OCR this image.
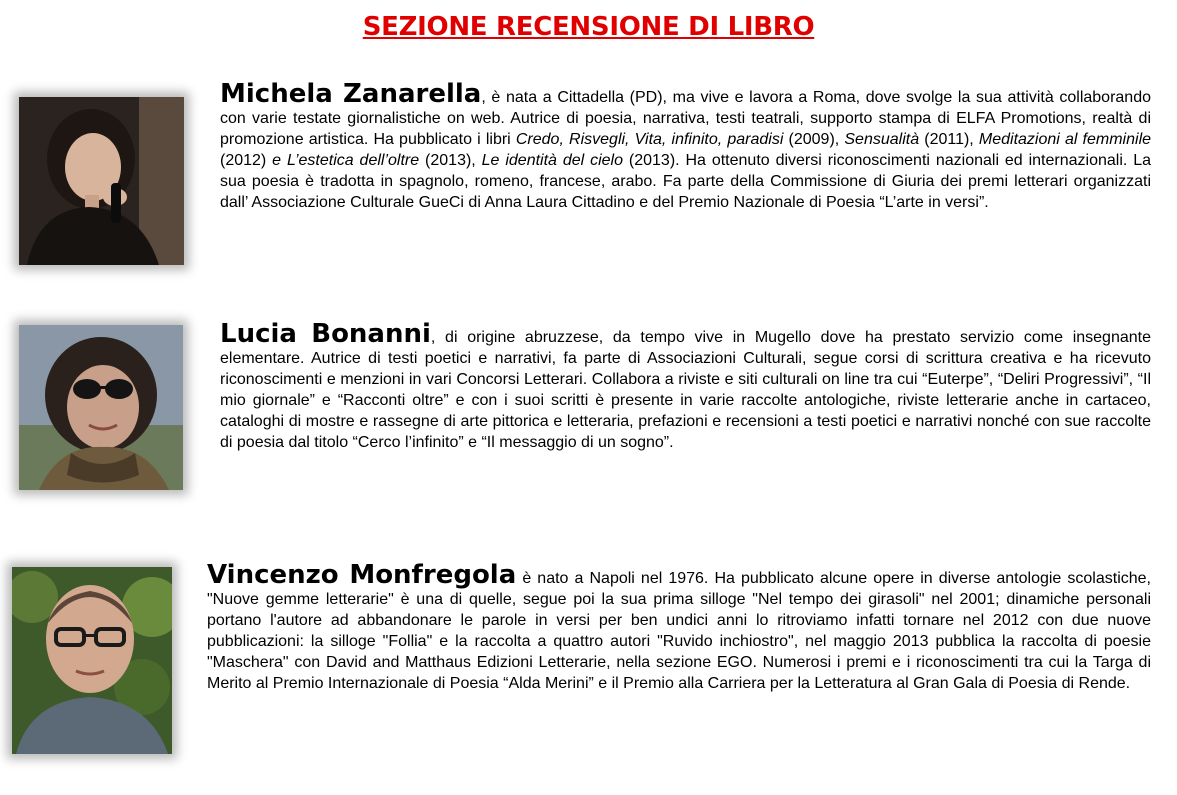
SEZIONE RECENSIONE DI LIBRO
Michela Zanarella, è nata a Cittadella (PD), ma vive e lavora a Roma, dove svolge la sua attività collaborando con varie testate giornalistiche on web. Autrice di poesia, narrativa, testi teatrali, supporto stampa di ELFA Promotions, realtà di promozione artistica. Ha pubblicato i libri Credo, Risvegli, Vita, infinito, paradisi (2009), Sensualità (2011), Meditazioni al femminile (2012) e L’estetica dell’oltre (2013), Le identità del cielo (2013). Ha ottenuto diversi riconoscimenti nazionali ed internazionali. La sua poesia è tradotta in spagnolo, romeno, francese, arabo. Fa parte della Commissione di Giuria dei premi letterari organizzati dall’ Associazione Culturale GueCi di Anna Laura Cittadino e del Premio Nazionale di Poesia “L’arte in versi”.
Lucia Bonanni, di origine abruzzese, da tempo vive in Mugello dove ha prestato servizio come insegnante elementare. Autrice di testi poetici e narrativi, fa parte di Associazioni Culturali, segue corsi di scrittura creativa e ha ricevuto riconoscimenti e menzioni in vari Concorsi Letterari. Collabora a riviste e siti culturali on line tra cui “Euterpe”, “Deliri Progressivi”, “Il mio giornale” e “Racconti oltre” e con i suoi scritti è presente in varie raccolte antologiche, riviste letterarie anche in cartaceo, cataloghi di mostre e rassegne di arte pittorica e letteraria, prefazioni e recensioni a testi poetici e narrativi nonché con sue raccolte di poesia dal titolo “Cerco l’infinito” e “Il messaggio di un sogno”.
Vincenzo Monfregola è nato a Napoli nel 1976. Ha pubblicato alcune opere in diverse antologie scolastiche, "Nuove gemme letterarie" è una di quelle, segue poi la sua prima silloge "Nel tempo dei girasoli" nel 2001; dinamiche personali portano l'autore ad abbandonare le parole in versi per ben undici anni lo ritroviamo infatti tornare nel 2012 con due nuove pubblicazioni: la silloge "Follia" e la raccolta a quattro autori "Ruvido inchiostro", nel maggio 2013 pubblica la raccolta di poesie "Maschera" con David and Matthaus Edizioni Letterarie, nella sezione EGO. Numerosi i premi e i riconoscimenti tra cui la Targa di Merito al Premio Internazionale di Poesia “Alda Merini” e il Premio alla Carriera per la Letteratura al Gran Gala di Poesia di Rende.
